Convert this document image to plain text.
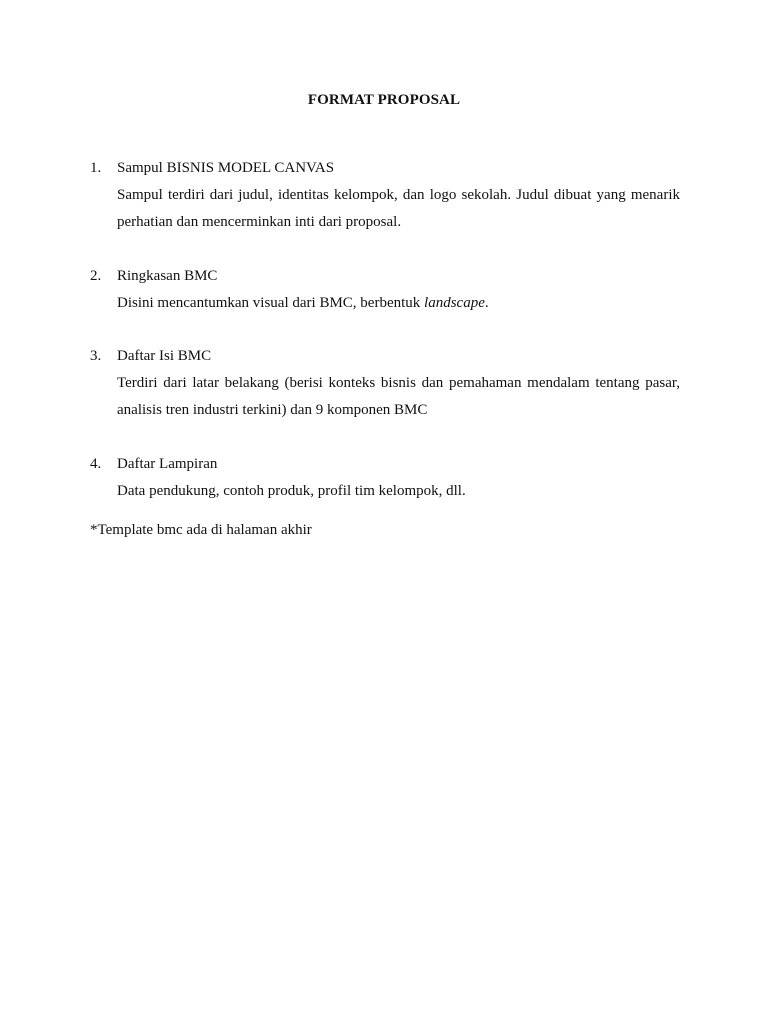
FORMAT PROPOSAL
1. Sampul BISNIS MODEL CANVAS
Sampul terdiri dari judul, identitas kelompok, dan logo sekolah. Judul dibuat yang menarik perhatian dan mencerminkan inti dari proposal.
2. Ringkasan BMC
Disini mencantumkan visual dari BMC, berbentuk landscape.
3. Daftar Isi BMC
Terdiri dari latar belakang (berisi konteks bisnis dan pemahaman mendalam tentang pasar, analisis tren industri terkini) dan 9 komponen BMC
4. Daftar Lampiran
Data pendukung, contoh produk, profil tim kelompok, dll.
*Template bmc ada di halaman akhir
